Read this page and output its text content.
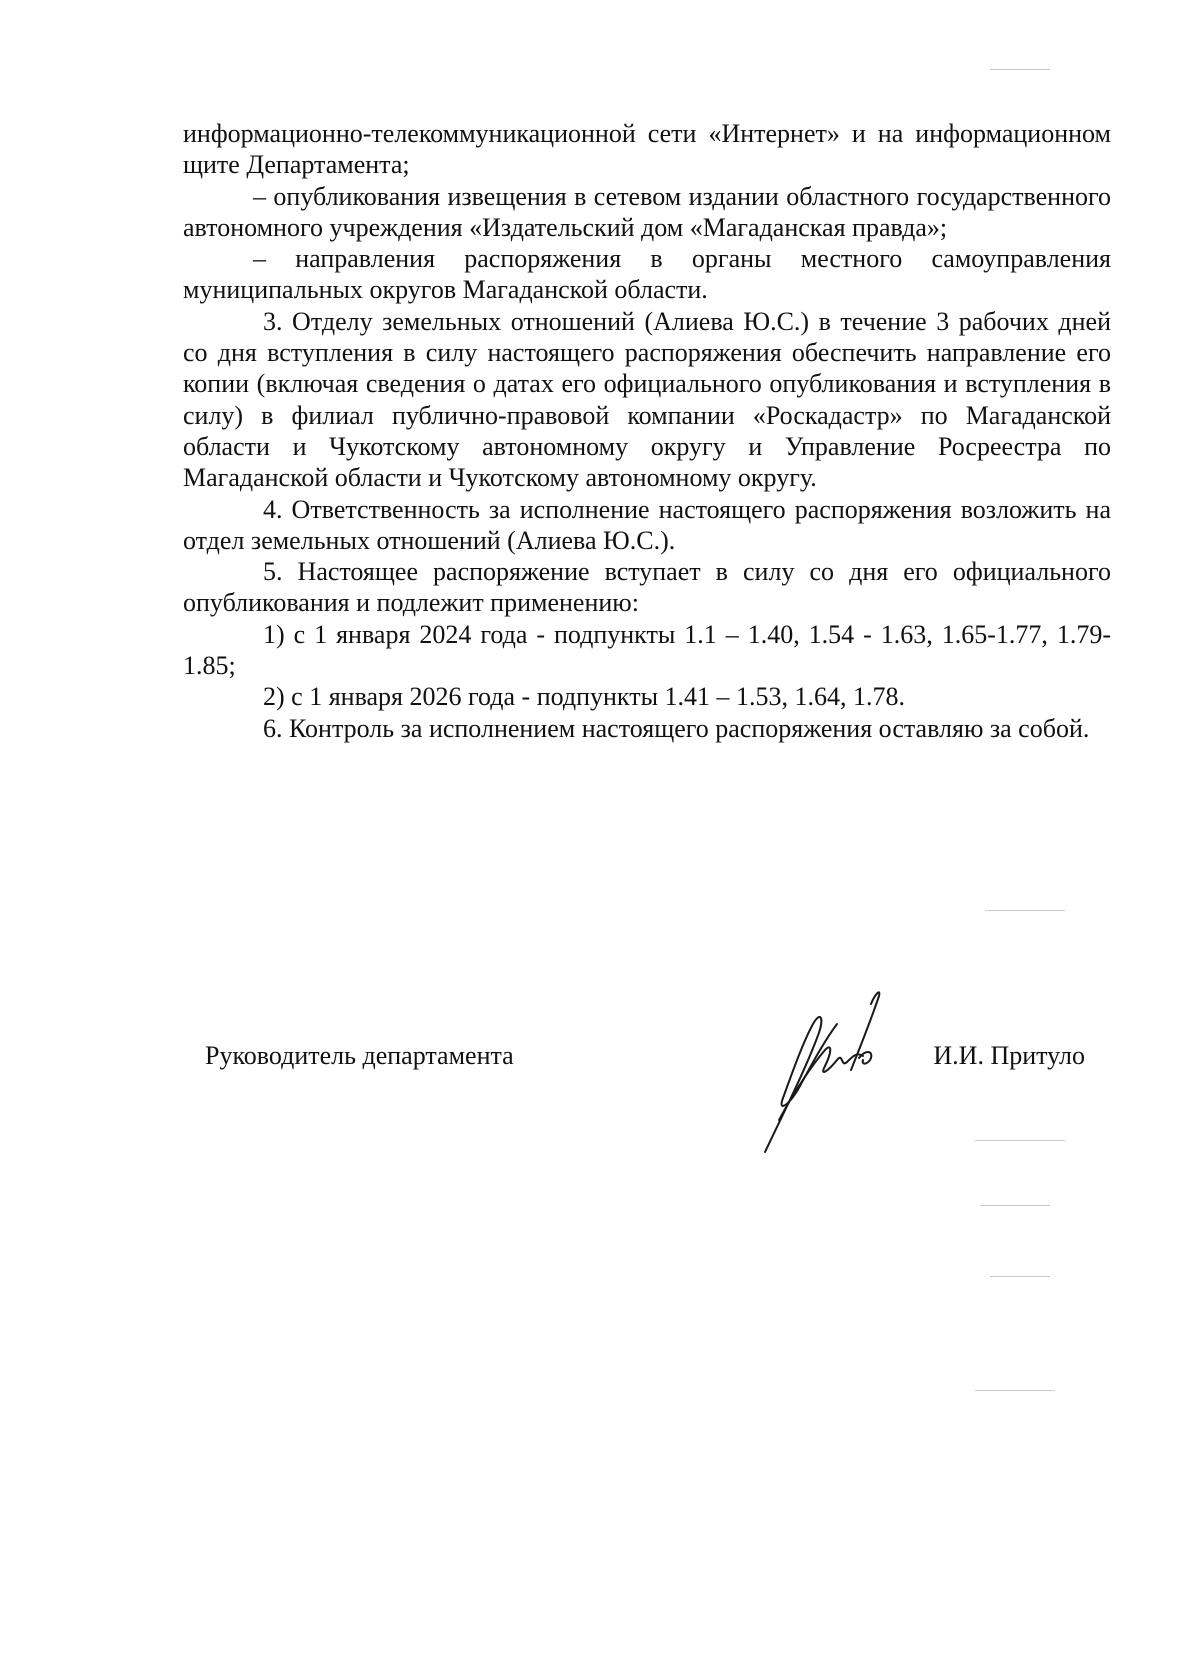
информационно-телекоммуникационной сети «Интернет» и на информационном щите Департамента;

– опубликования извещения в сетевом издании областного государственного автономного учреждения «Издательский дом «Магаданская правда»;

– направления распоряжения в органы местного самоуправления муниципальных округов Магаданской области.

3. Отделу земельных отношений (Алиева Ю.С.) в течение 3 рабочих дней со дня вступления в силу настоящего распоряжения обеспечить направление его копии (включая сведения о датах его официального опубликования и вступления в силу) в филиал публично-правовой компании «Роскадастр» по Магаданской области и Чукотскому автономному округу и Управление Росреестра по Магаданской области и Чукотскому автономному округу.

4. Ответственность за исполнение настоящего распоряжения возложить на отдел земельных отношений (Алиева Ю.С.).

5. Настоящее распоряжение вступает в силу со дня его официального опубликования и подлежит применению:

1) с 1 января 2024 года - подпункты 1.1 – 1.40, 1.54 - 1.63, 1.65-1.77, 1.79-1.85;

2) с 1 января 2026 года - подпункты 1.41 – 1.53, 1.64, 1.78.

6. Контроль за исполнением настоящего распоряжения оставляю за собой.

Руководитель департамента	И.И. Притуло
